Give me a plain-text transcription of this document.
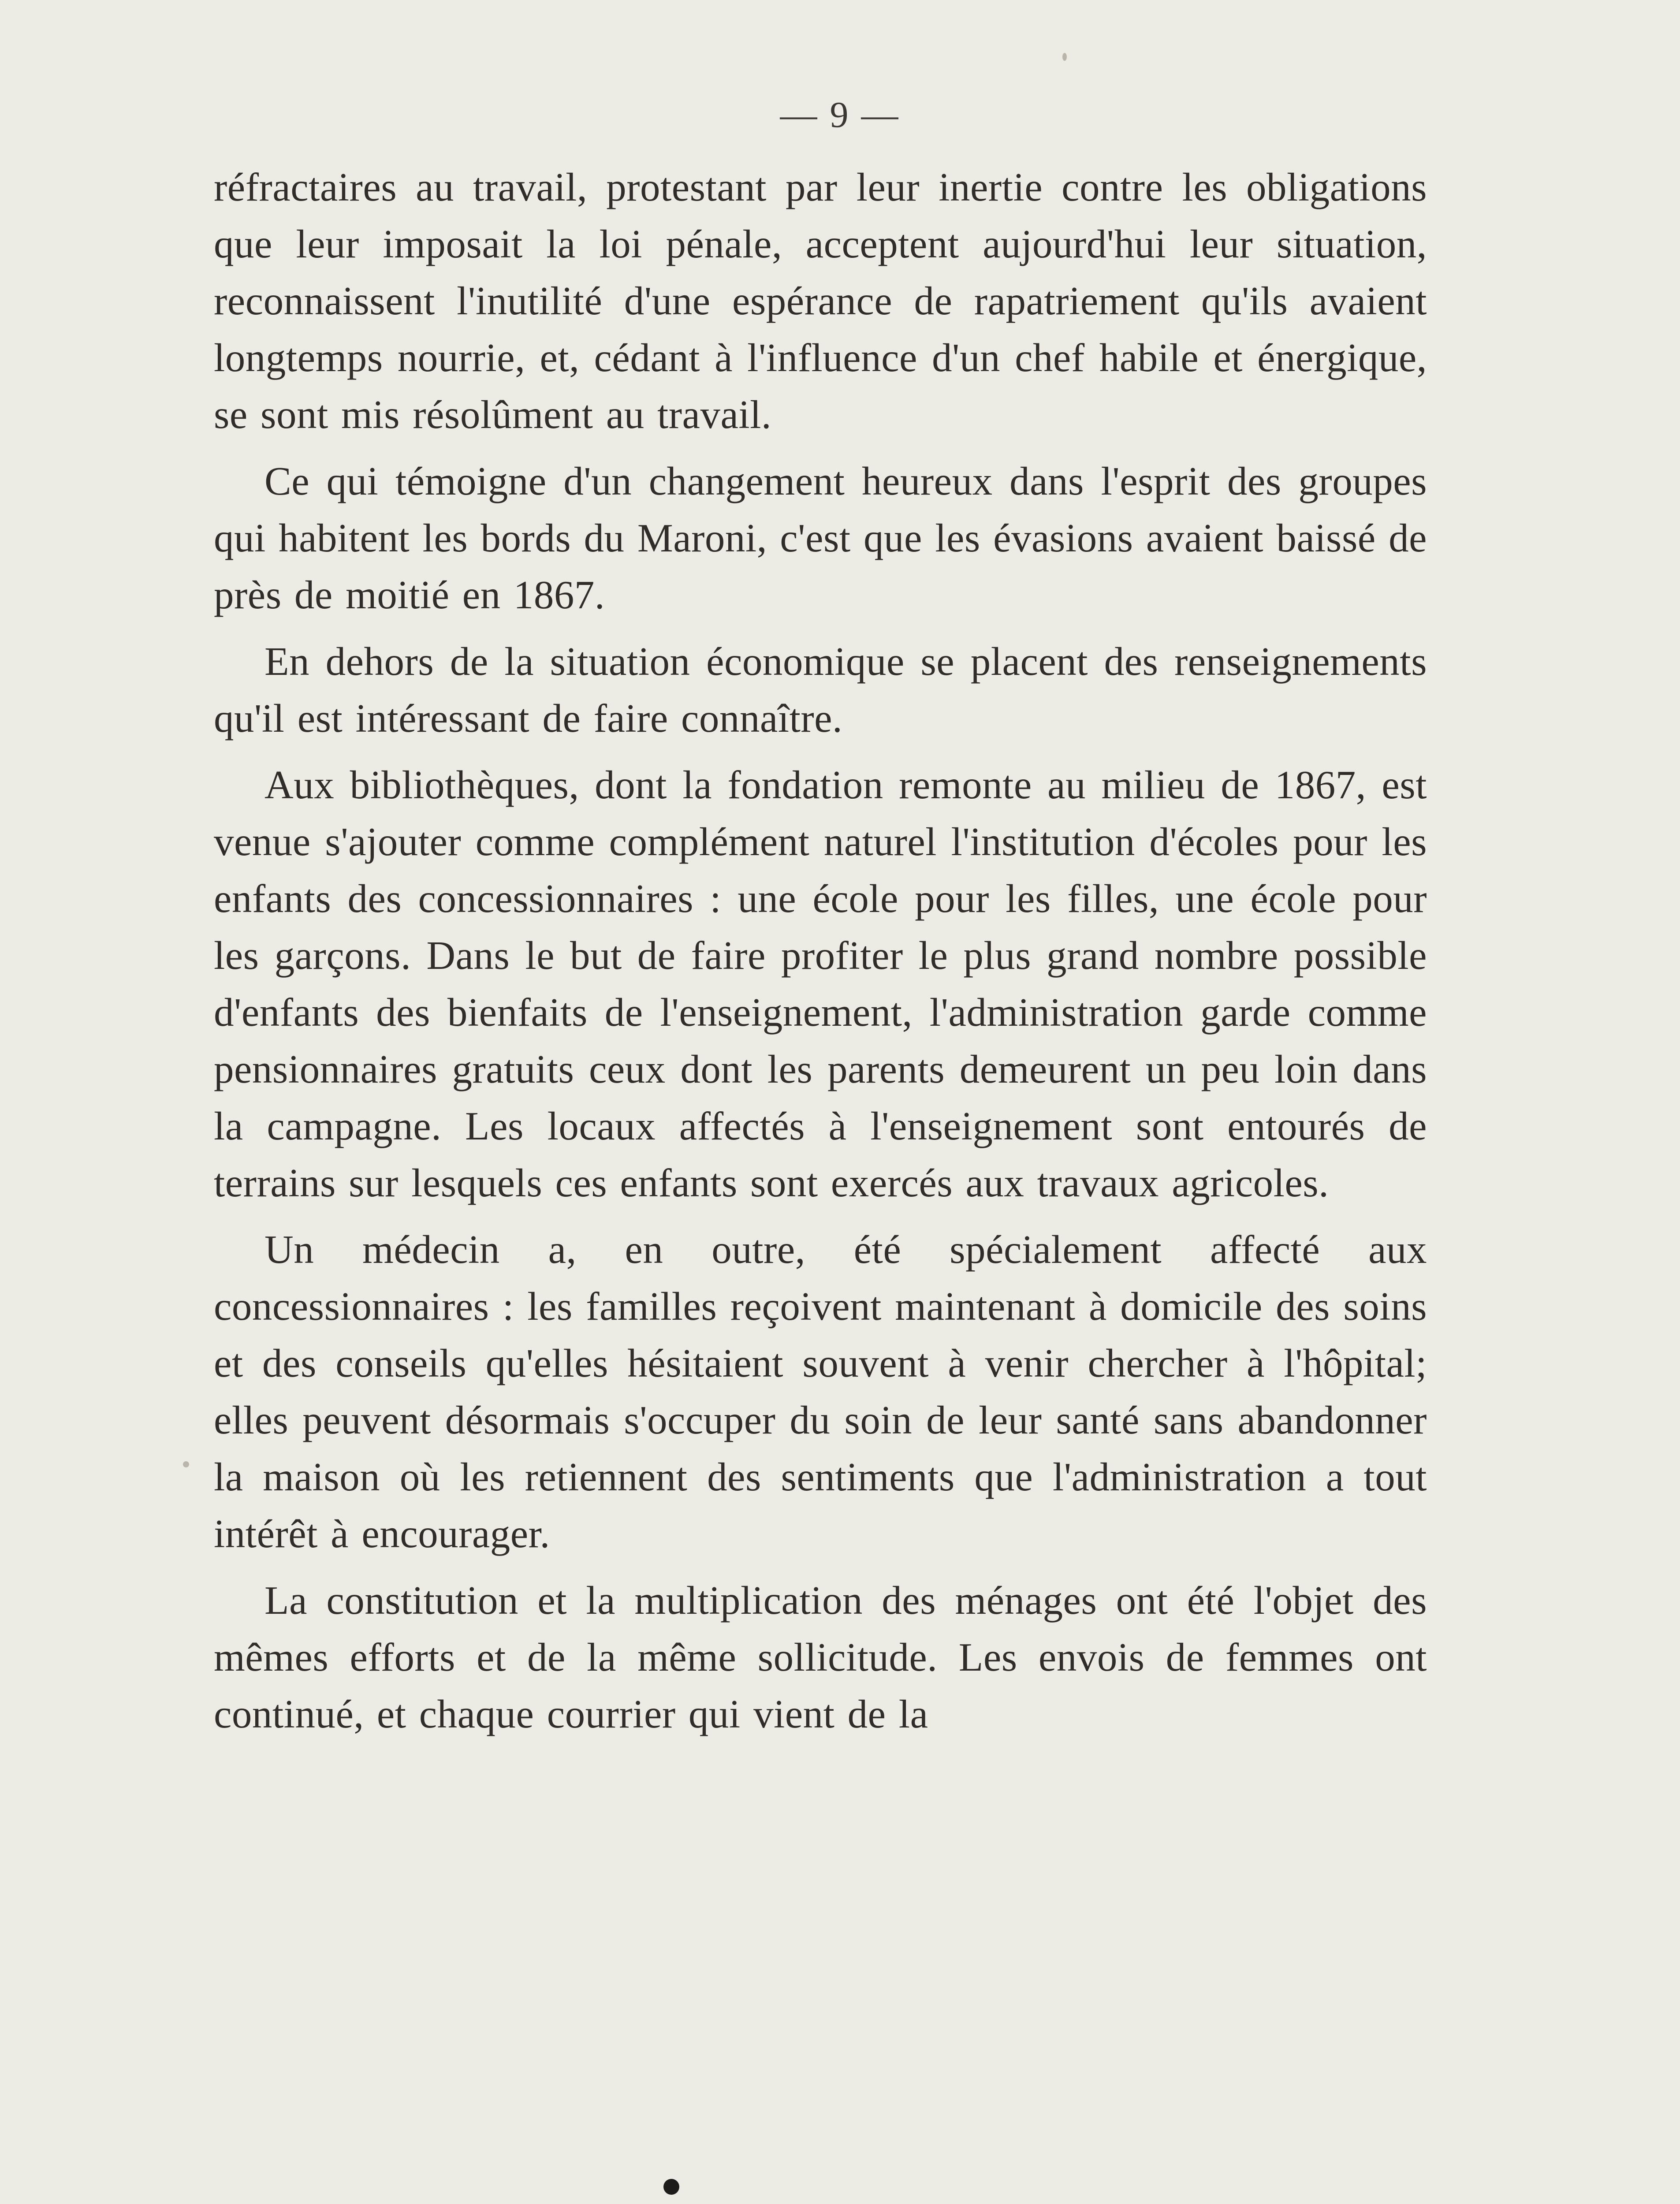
— 9 —

réfractaires au travail, protestant par leur inertie contre les obligations que leur imposait la loi pénale, acceptent aujourd'hui leur situation, reconnaissent l'inutilité d'une espérance de rapatriement qu'ils avaient longtemps nourrie, et, cédant à l'influence d'un chef habile et énergique, se sont mis résolûment au travail.

Ce qui témoigne d'un changement heureux dans l'esprit des groupes qui habitent les bords du Maroni, c'est que les évasions avaient baissé de près de moitié en 1867.

En dehors de la situation économique se placent des renseignements qu'il est intéressant de faire connaître.

Aux bibliothèques, dont la fondation remonte au milieu de 1867, est venue s'ajouter comme complément naturel l'institution d'écoles pour les enfants des concessionnaires : une école pour les filles, une école pour les garçons. Dans le but de faire profiter le plus grand nombre possible d'enfants des bienfaits de l'enseignement, l'administration garde comme pensionnaires gratuits ceux dont les parents demeurent un peu loin dans la campagne. Les locaux affectés à l'enseignement sont entourés de terrains sur lesquels ces enfants sont exercés aux travaux agricoles.

Un médecin a, en outre, été spécialement affecté aux concessionnaires : les familles reçoivent maintenant à domicile des soins et des conseils qu'elles hésitaient souvent à venir chercher à l'hôpital; elles peuvent désormais s'occuper du soin de leur santé sans abandonner la maison où les retiennent des sentiments que l'administration a tout intérêt à encourager.

La constitution et la multiplication des ménages ont été l'objet des mêmes efforts et de la même sollicitude. Les envois de femmes ont continué, et chaque courrier qui vient de la
